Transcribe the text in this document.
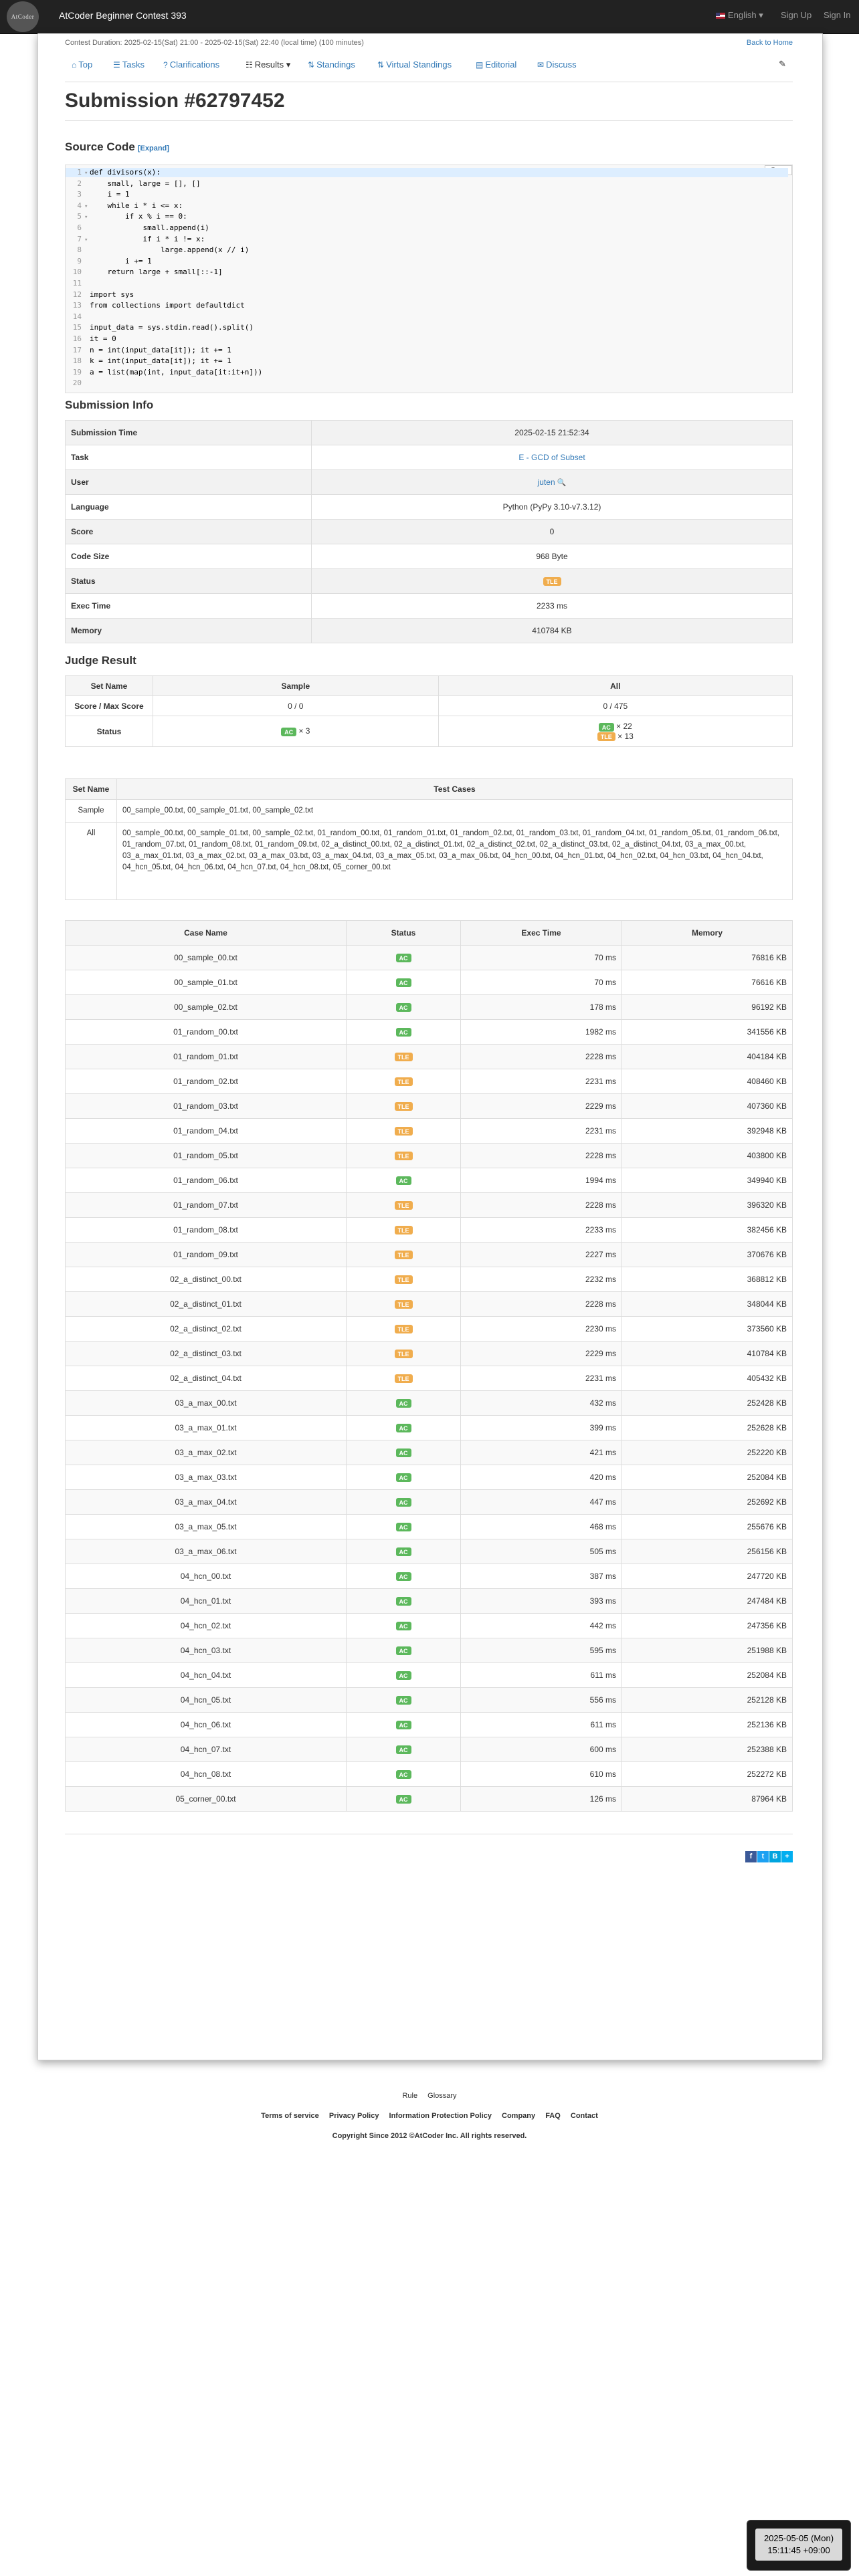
AtCoder	AtCoder Beginner Contest 393	English ▾ Sign Up Sign In
Contest Duration: 2025-02-15(Sat) 21:00 - 2025-02-15(Sat) 22:40 (local time) (100 minutes)	Back to Home
⌂ Top	☰ Tasks ? Clarifications	☷ Results ▾ ⇅ Standings	⇅ Virtual Standings	▤ Editorial	✉ Discuss	✎
Submission #62797452
Source Code [Expand]
1 ▾ def divisors(x):
2    small, large = [], []
3    i = 1
4 ▾    while i * i <= x:
5 ▾        if x % i == 0:
6            small.append(i)
7 ▾            if i * i != x:
8                large.append(x // i)
9        i += 1
10    return large + small[::-1]
11
12 import sys
13 from collections import defaultdict
14
15 input_data = sys.stdin.read().split()
16 it = 0
17 n = int(input_data[it]); it += 1
18 k = int(input_data[it]); it += 1
19 a = list(map(int, input_data[it:it+n]))
20
Submission Info
Submission Time	2025-02-15 21:52:34
Task	E - GCD of Subset
User	juten 🔍
Language	Python (PyPy 3.10-v7.3.12)
Score	0
Code Size	968 Byte
Status	TLE
Exec Time	2233 ms
Memory	410784 KB
Judge Result
Set Name	Sample	All
Score / Max Score	0 / 0	0 / 475
Status	AC × 3	AC × 22
TLE × 13
Set Name	Test Cases
Sample	00_sample_00.txt, 00_sample_01.txt, 00_sample_02.txt
All	00_sample_00.txt, 00_sample_01.txt, 00_sample_02.txt, 01_random_00.txt, 01_random_01.txt, 01_random_02.txt, 01_random_03.txt, 01_random_04.txt, 01_random_05.txt, 01_random_06.txt, 01_random_07.txt, 01_random_08.txt, 01_random_09.txt, 02_a_distinct_00.txt, 02_a_distinct_01.txt, 02_a_distinct_02.txt, 02_a_distinct_03.txt, 02_a_distinct_04.txt, 03_a_max_00.txt, 03_a_max_01.txt, 03_a_max_02.txt, 03_a_max_03.txt, 03_a_max_04.txt, 03_a_max_05.txt, 03_a_max_06.txt, 04_hcn_00.txt, 04_hcn_01.txt, 04_hcn_02.txt, 04_hcn_03.txt, 04_hcn_04.txt, 04_hcn_05.txt, 04_hcn_06.txt, 04_hcn_07.txt, 04_hcn_08.txt, 05_corner_00.txt
Case Name	Status	Exec Time	Memory
00_sample_00.txt	AC	70 ms	76816 KB
00_sample_01.txt	AC	70 ms	76616 KB
00_sample_02.txt	AC	178 ms	96192 KB
01_random_00.txt	AC	1982 ms	341556 KB
01_random_01.txt	TLE	2228 ms	404184 KB
01_random_02.txt	TLE	2231 ms	408460 KB
01_random_03.txt	TLE	2229 ms	407360 KB
01_random_04.txt	TLE	2231 ms	392948 KB
01_random_05.txt	TLE	2228 ms	403800 KB
01_random_06.txt	AC	1994 ms	349940 KB
01_random_07.txt	TLE	2228 ms	396320 KB
01_random_08.txt	TLE	2233 ms	382456 KB
01_random_09.txt	TLE	2227 ms	370676 KB
02_a_distinct_00.txt	TLE	2232 ms	368812 KB
02_a_distinct_01.txt	TLE	2228 ms	348044 KB
02_a_distinct_02.txt	TLE	2230 ms	373560 KB
02_a_distinct_03.txt	TLE	2229 ms	410784 KB
02_a_distinct_04.txt	TLE	2231 ms	405432 KB
03_a_max_00.txt	AC	432 ms	252428 KB
03_a_max_01.txt	AC	399 ms	252628 KB
03_a_max_02.txt	AC	421 ms	252220 KB
03_a_max_03.txt	AC	420 ms	252084 KB
03_a_max_04.txt	AC	447 ms	252692 KB
03_a_max_05.txt	AC	468 ms	255676 KB
03_a_max_06.txt	AC	505 ms	256156 KB
04_hcn_00.txt	AC	387 ms	247720 KB
04_hcn_01.txt	AC	393 ms	247484 KB
04_hcn_02.txt	AC	442 ms	247356 KB
04_hcn_03.txt	AC	595 ms	251988 KB
04_hcn_04.txt	AC	611 ms	252084 KB
04_hcn_05.txt	AC	556 ms	252128 KB
04_hcn_06.txt	AC	611 ms	252136 KB
04_hcn_07.txt	AC	600 ms	252388 KB
04_hcn_08.txt	AC	610 ms	252272 KB
05_corner_00.txt	AC	126 ms	87964 KB
f t B +
Rule Glossary
Terms of service Privacy Policy Information Protection Policy Company FAQ Contact
Copyright Since 2012 ©AtCoder Inc. All rights reserved.
2025-05-05 (Mon)
15:11:45 +09:00
